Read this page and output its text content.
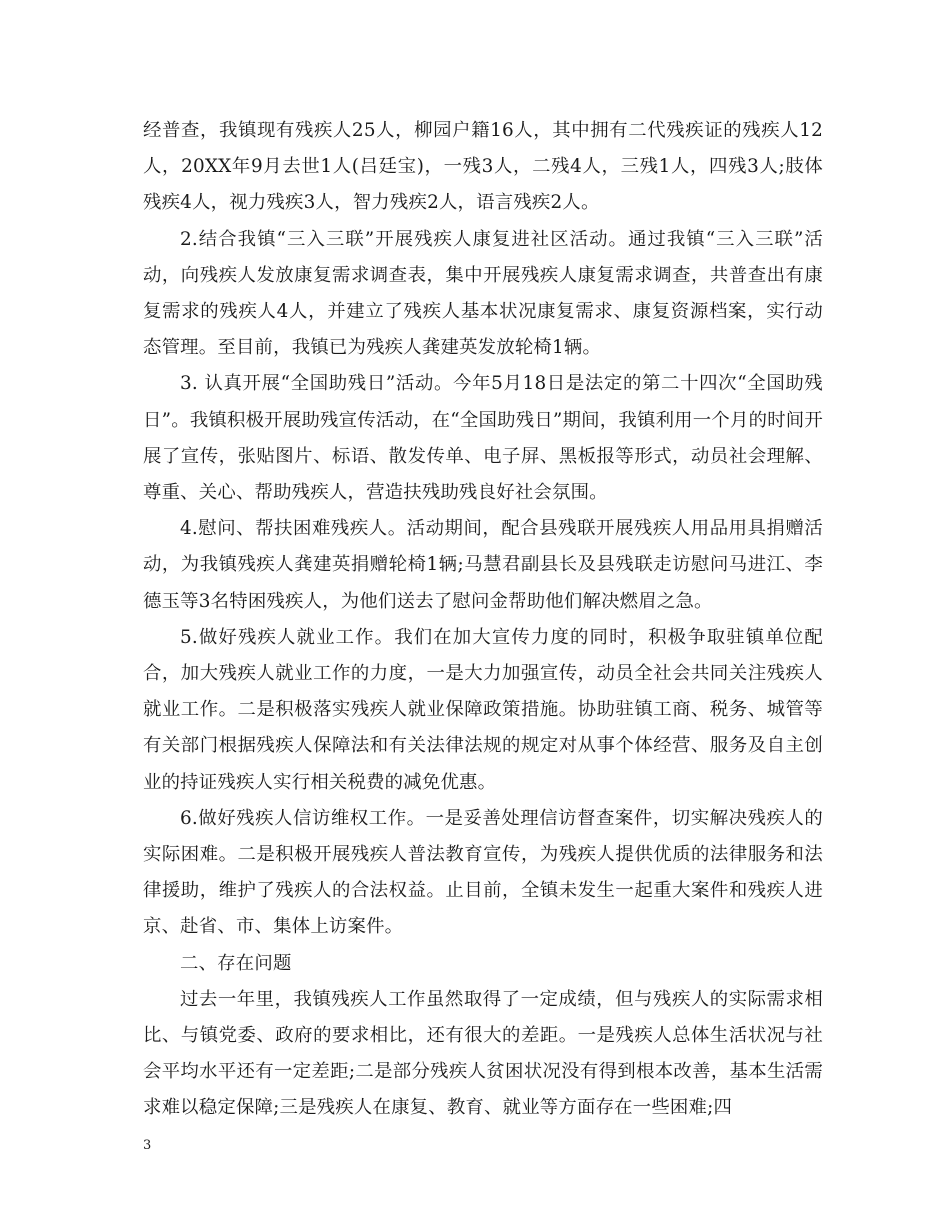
经普查，我镇现有残疾人25人，柳园户籍16人，其中拥有二代残疾证的残疾人12人，20XX年9月去世1人(吕廷宝)，一残3人，二残4人，三残1人，四残3人;肢体残疾4人，视力残疾3人，智力残疾2人，语言残疾2人。

2.结合我镇“三入三联”开展残疾人康复进社区活动。通过我镇“三入三联”活动，向残疾人发放康复需求调查表，集中开展残疾人康复需求调查，共普查出有康复需求的残疾人4人，并建立了残疾人基本状况康复需求、康复资源档案，实行动态管理。至目前，我镇已为残疾人龚建英发放轮椅1辆。

3. 认真开展“全国助残日”活动。今年5月18日是法定的第二十四次“全国助残日”。我镇积极开展助残宣传活动，在“全国助残日”期间，我镇利用一个月的时间开展了宣传，张贴图片、标语、散发传单、电子屏、黑板报等形式，动员社会理解、尊重、关心、帮助残疾人，营造扶残助残良好社会氛围。

4.慰问、帮扶困难残疾人。活动期间，配合县残联开展残疾人用品用具捐赠活动，为我镇残疾人龚建英捐赠轮椅1辆;马慧君副县长及县残联走访慰问马进江、李德玉等3名特困残疾人，为他们送去了慰问金帮助他们解决燃眉之急。

5.做好残疾人就业工作。我们在加大宣传力度的同时，积极争取驻镇单位配合，加大残疾人就业工作的力度，一是大力加强宣传，动员全社会共同关注残疾人就业工作。二是积极落实残疾人就业保障政策措施。协助驻镇工商、税务、城管等有关部门根据残疾人保障法和有关法律法规的规定对从事个体经营、服务及自主创业的持证残疾人实行相关税费的减免优惠。

6.做好残疾人信访维权工作。一是妥善处理信访督查案件，切实解决残疾人的实际困难。二是积极开展残疾人普法教育宣传，为残疾人提供优质的法律服务和法律援助，维护了残疾人的合法权益。止目前，全镇未发生一起重大案件和残疾人进京、赴省、市、集体上访案件。

二、存在问题

过去一年里，我镇残疾人工作虽然取得了一定成绩，但与残疾人的实际需求相比、与镇党委、政府的要求相比，还有很大的差距。一是残疾人总体生活状况与社会平均水平还有一定差距;二是部分残疾人贫困状况没有得到根本改善，基本生活需求难以稳定保障;三是残疾人在康复、教育、就业等方面存在一些困难;四

3
